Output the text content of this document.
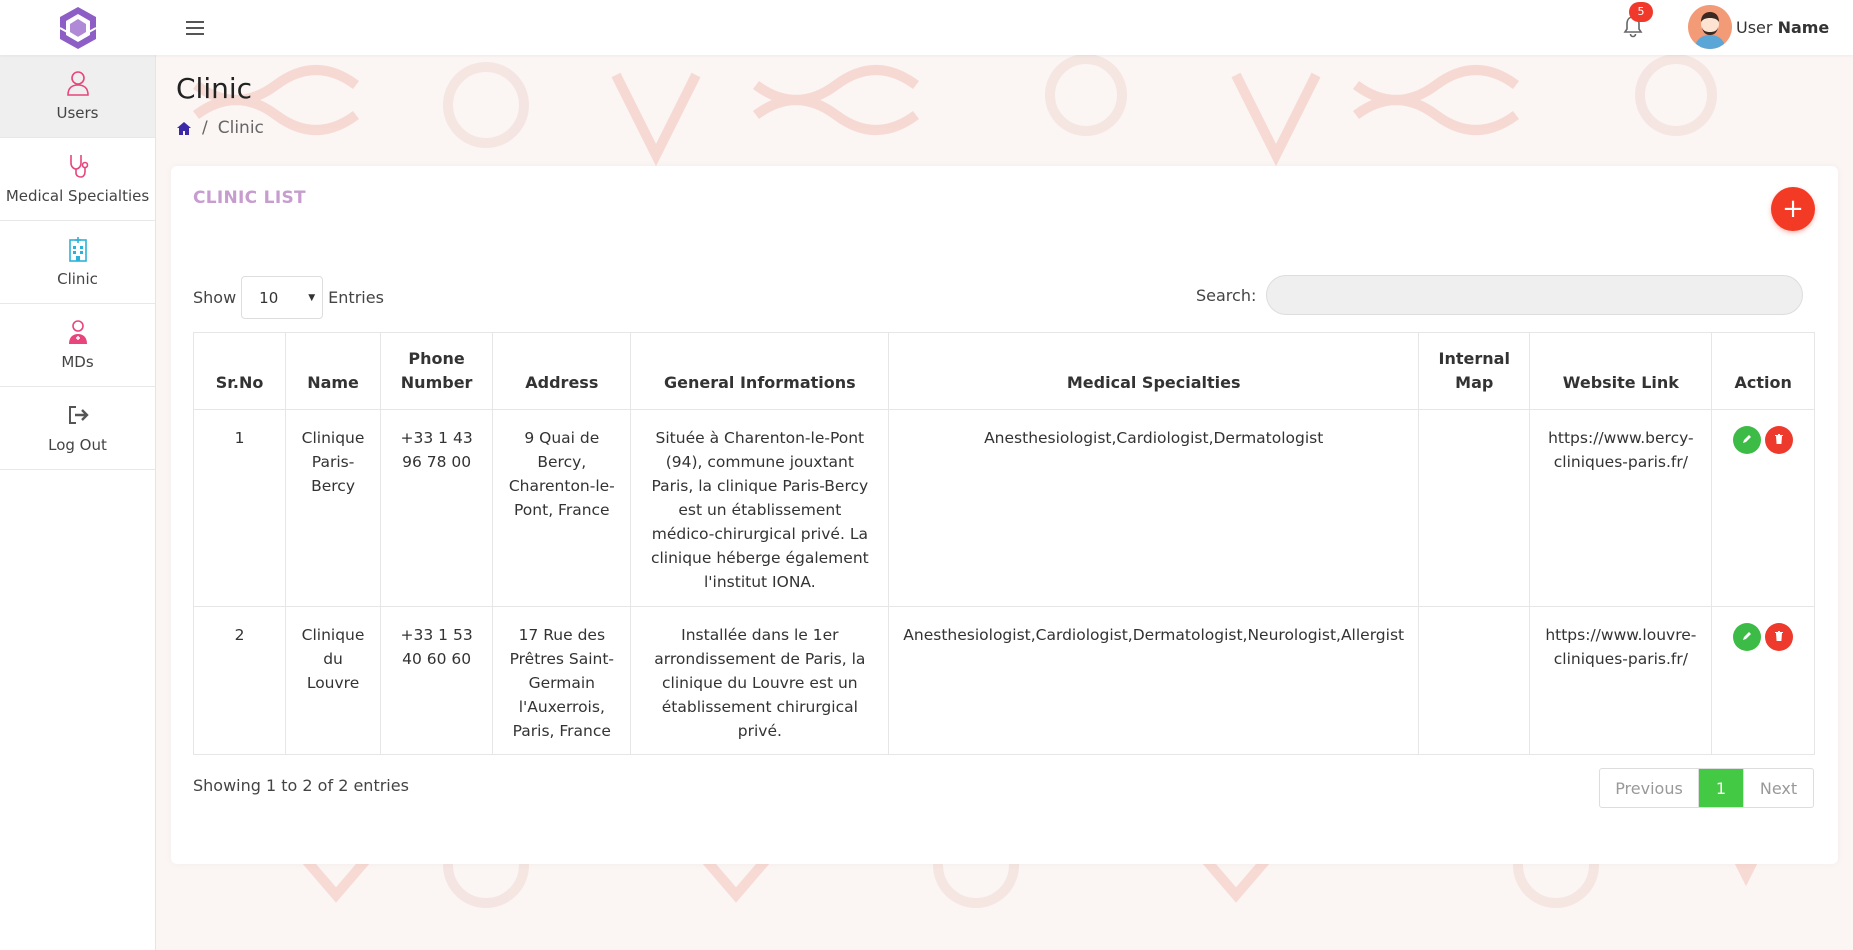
5
User Name
Users
Medical Specialties
Clinic
MDs
Log Out
Clinic
/ Clinic
CLINIC LIST	+
Show 10	▼ Entries	Search:
Sr.No	Name	Phone Number	Address	General Informations	Medical Specialties	Internal Map	Website Link	Action
1	Clinique Paris-Bercy	+33 1 43 96 78 00	9 Quai de Bercy, Charenton-le-Pont, France	Située à Charenton-le-Pont (94), commune jouxtant Paris, la clinique Paris-Bercy est un établissement médico-chirurgical privé. La clinique héberge également l'institut IONA.	Anesthesiologist,Cardiologist,Dermatologist		https://www.bercy-cliniques-paris.fr/	
2	Clinique du Louvre	+33 1 53 40 60 60	17 Rue des Prêtres Saint-Germain l'Auxerrois, Paris, France	Installée dans le 1er arrondissement de Paris, la clinique du Louvre est un établissement chirurgical privé.	Anesthesiologist,Cardiologist,Dermatologist,Neurologist,Allergist		https://www.louvre-cliniques-paris.fr/	
Showing 1 to 2 of 2 entries	Previous	1	Next
